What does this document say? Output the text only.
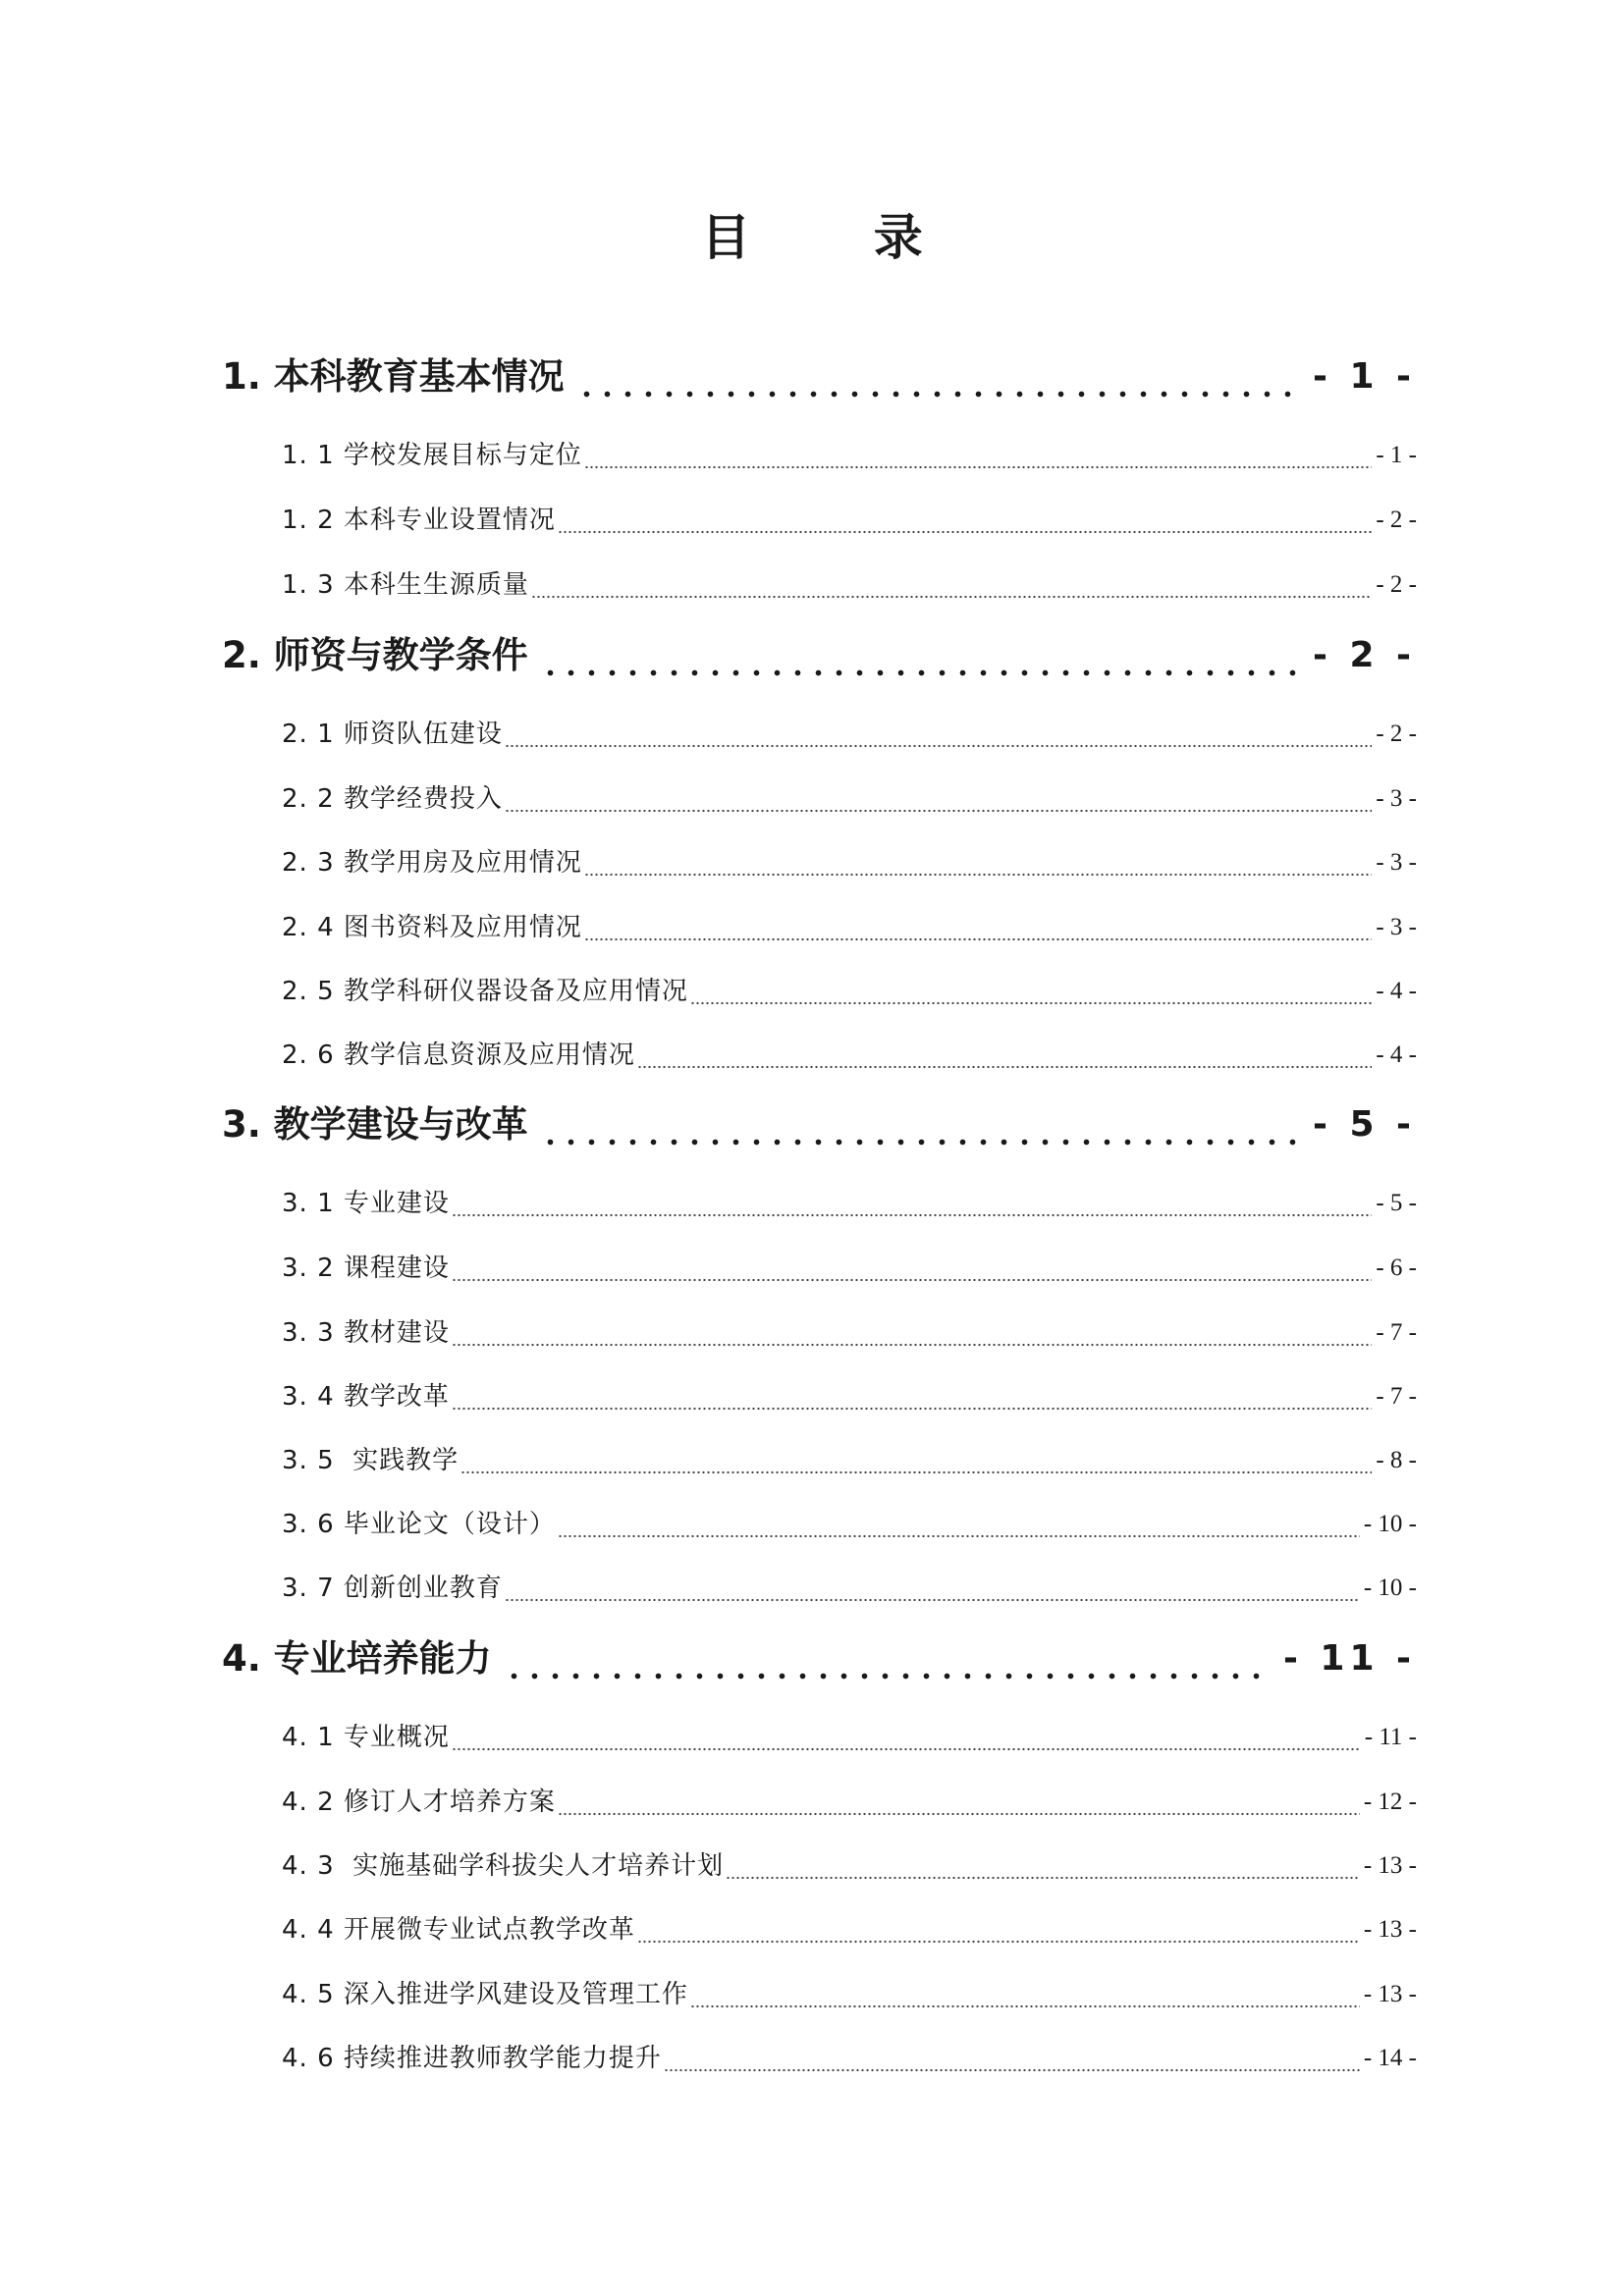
目 录
1. 本科教育基本情况	- 1 -
1. 1 学校发展目标与定位	- 1 -
1. 2 本科专业设置情况	- 2 -
1. 3 本科生生源质量	- 2 -
2. 师资与教学条件	- 2 -
2. 1 师资队伍建设	- 2 -
2. 2 教学经费投入	- 3 -
2. 3 教学用房及应用情况	- 3 -
2. 4 图书资料及应用情况	- 3 -
2. 5 教学科研仪器设备及应用情况	- 4 -
2. 6 教学信息资源及应用情况	- 4 -
3. 教学建设与改革	- 5 -
3. 1 专业建设	- 5 -
3. 2 课程建设	- 6 -
3. 3 教材建设	- 7 -
3. 4 教学改革	- 7 -
3. 5  实践教学	- 8 -
3. 6 毕业论文（设计）	- 10 -
3. 7 创新创业教育	- 10 -
4. 专业培养能力	- 11 -
4. 1 专业概况	- 11 -
4. 2 修订人才培养方案	- 12 -
4. 3  实施基础学科拔尖人才培养计划	- 13 -
4. 4 开展微专业试点教学改革	- 13 -
4. 5 深入推进学风建设及管理工作	- 13 -
4. 6 持续推进教师教学能力提升	- 14 -
